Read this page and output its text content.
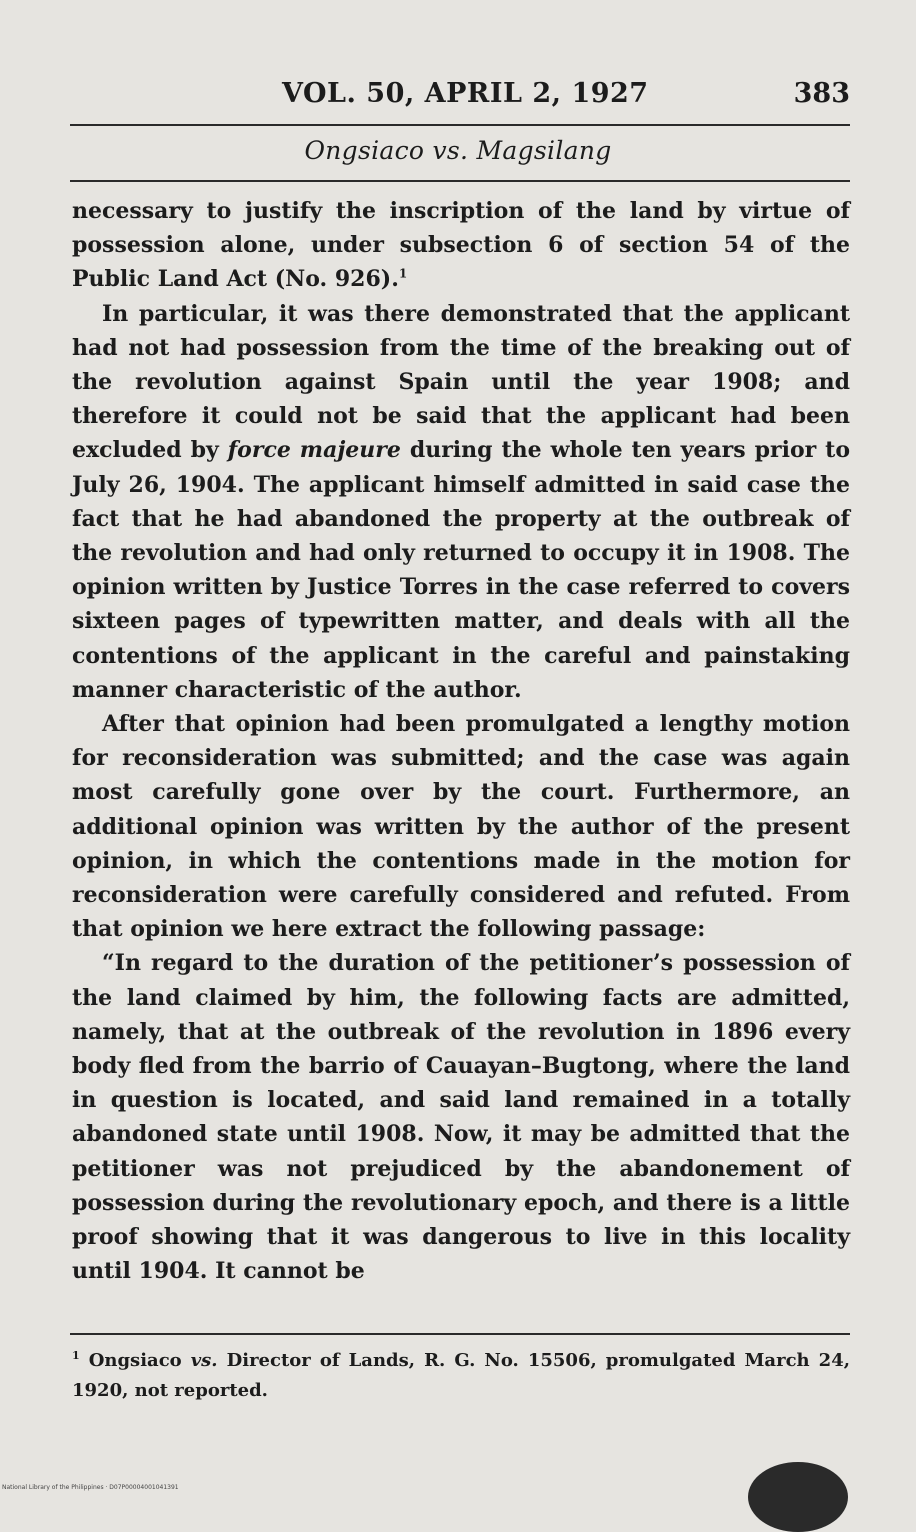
VOL. 50, APRIL 2, 1927	383
Ongsiaco vs. Magsilang

necessary to justify the inscription of the land by virtue of possession alone, under subsection 6 of section 54 of the Public Land Act (No. 926).$^1$

In particular, it was there demonstrated that the applicant had not had possession from the time of the breaking out of the revolution against Spain until the year 1908; and therefore it could not be said that the applicant had been excluded by force majeure during the whole ten years prior to July 26, 1904. The applicant himself admitted in said case the fact that he had abandoned the property at the outbreak of the revolution and had only returned to occupy it in 1908. The opinion written by Justice Torres in the case referred to covers sixteen pages of typewritten matter, and deals with all the contentions of the applicant in the careful and painstaking manner characteristic of the author.

After that opinion had been promulgated a lengthy motion for reconsideration was submitted; and the case was again most carefully gone over by the court. Furthermore, an additional opinion was written by the author of the present opinion, in which the contentions made in the motion for reconsideration were carefully considered and refuted. From that opinion we here extract the following passage:

“In regard to the duration of the petitioner’s possession of the land claimed by him, the following facts are admitted, namely, that at the outbreak of the revolution in 1896 every body fled from the barrio of Cauayan–Bugtong, where the land in question is located, and said land remained in a totally abandoned state until 1908. Now, it may be admitted that the petitioner was not prejudiced by the abandonement of possession during the revolutionary epoch, and there is a little proof showing that it was dangerous to live in this locality until 1904. It cannot be

$^1$ Ongsiaco vs. Director of Lands, R. G. No. 15506, promulgated March 24, 1920, not reported.
National Library of the Philippines · D07P00004001041391
